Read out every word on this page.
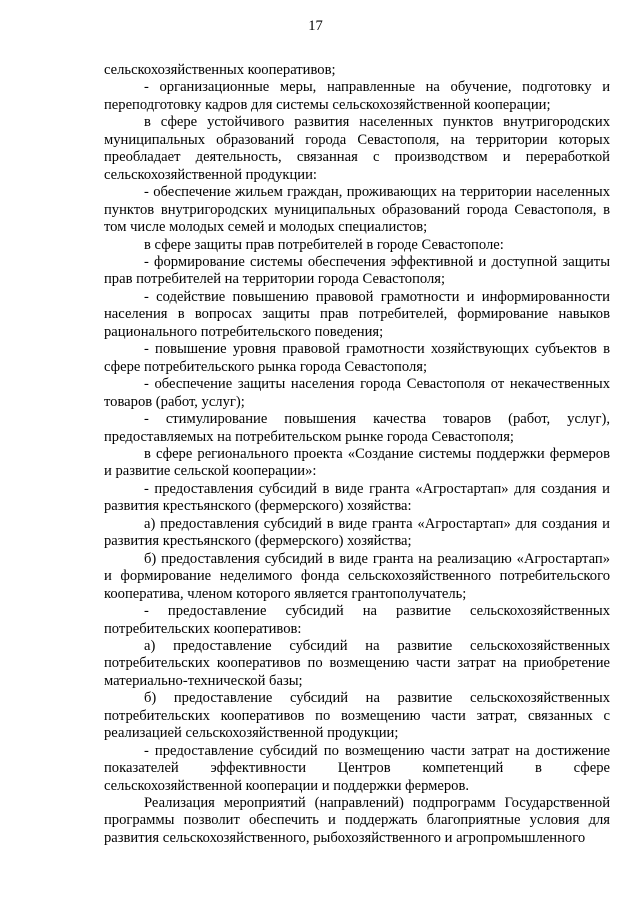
17

сельскохозяйственных кооперативов;

- организационные меры, направленные на обучение, подготовку и переподготовку кадров для системы сельскохозяйственной кооперации;

в сфере устойчивого развития населенных пунктов внутригородских муниципальных образований города Севастополя, на территории которых преобладает деятельность, связанная с производством и переработкой сельскохозяйственной продукции:

- обеспечение жильем граждан, проживающих на территории населенных пунктов внутригородских муниципальных образований города Севастополя, в том числе молодых семей и молодых специалистов;

в сфере защиты прав потребителей в городе Севастополе:

- формирование системы обеспечения эффективной и доступной защиты прав потребителей на территории города Севастополя;

- содействие повышению правовой грамотности и информированности населения в вопросах защиты прав потребителей, формирование навыков рационального потребительского поведения;

- повышение уровня правовой грамотности хозяйствующих субъектов в сфере потребительского рынка города Севастополя;

- обеспечение защиты населения города Севастополя от некачественных товаров (работ, услуг);

- стимулирование повышения качества товаров (работ, услуг), предоставляемых на потребительском рынке города Севастополя;

в сфере регионального проекта «Создание системы поддержки фермеров и развитие сельской кооперации»:

- предоставления субсидий в виде гранта «Агростартап» для создания и развития крестьянского (фермерского) хозяйства:

а) предоставления субсидий в виде гранта «Агростартап» для создания и развития крестьянского (фермерского) хозяйства;

б) предоставления субсидий в виде гранта на реализацию «Агростартап» и формирование неделимого фонда сельскохозяйственного потребительского кооператива, членом которого является грантополучатель;

- предоставление субсидий на развитие сельскохозяйственных потребительских кооперативов:

а) предоставление субсидий на развитие сельскохозяйственных потребительских кооперативов по возмещению части затрат на приобретение материально-технической базы;

б) предоставление субсидий на развитие сельскохозяйственных потребительских кооперативов по возмещению части затрат, связанных с реализацией сельскохозяйственной продукции;

- предоставление субсидий по возмещению части затрат на достижение показателей эффективности Центров компетенций в сфере сельскохозяйственной кооперации и поддержки фермеров.

Реализация мероприятий (направлений) подпрограмм Государственной программы позволит обеспечить и поддержать благоприятные условия для развития сельскохозяйственного, рыбохозяйственного и агропромышленного
